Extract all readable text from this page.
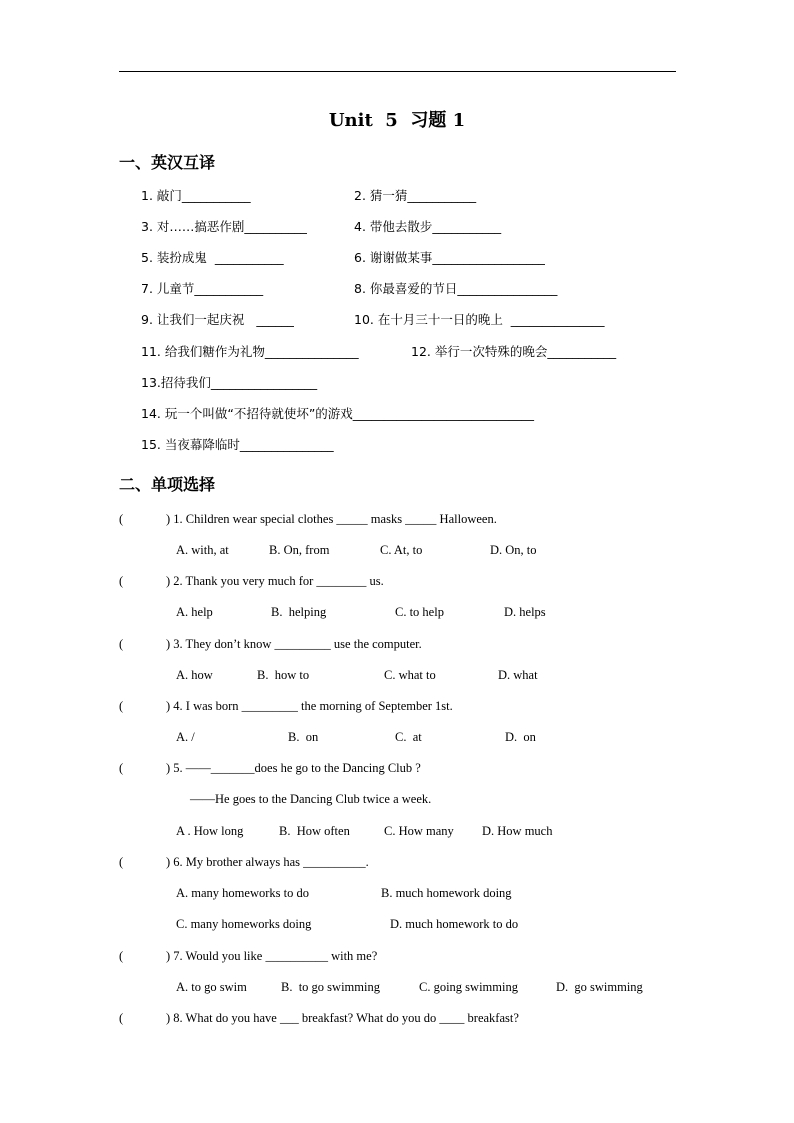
Unit  5  习题 1
一、英汉互译
1. 敲门___________	2. 猜一猜___________
3. 对……搞恶作剧__________	4. 带他去散步___________
5. 装扮成鬼  ___________	6. 谢谢做某事__________________
7. 儿童节___________	8. 你最喜爱的节日________________
9. 让我们一起庆祝   ______	10. 在十月三十一日的晚上  _______________
11. 给我们糖作为礼物_______________	12. 举行一次特殊的晚会___________
13.招待我们_________________
14. 玩一个叫做“不招待就使坏”的游戏_____________________________
15. 当夜幕降临时_______________
二、单项选择
(	) 1. Children wear special clothes _____ masks _____ Halloween.
A. with, at	B. On, from	C. At, to	D. On, to
(	) 2. Thank you very much for ________ us.
A. help	B.  helping	C. to help	D. helps
(	) 3. They don’t know _________ use the computer.
A. how	B.  how to	C. what to	D. what
(	) 4. I was born _________ the morning of September 1st.
A. /	B.  on	C.  at	D.  on
(	) 5. ——_______does he go to the Dancing Club ?
——He goes to the Dancing Club twice a week.
A . How long	B.  How often	C. How many D. How much
(	) 6. My brother always has __________.
A. many homeworks to do	B. much homework doing
C. many homeworks doing	D. much homework to do
(	) 7. Would you like __________ with me?
A. to go swim	B.  to go swimming	C. going swimming	D.  go swimming
(	) 8. What do you have ___ breakfast? What do you do ____ breakfast?
